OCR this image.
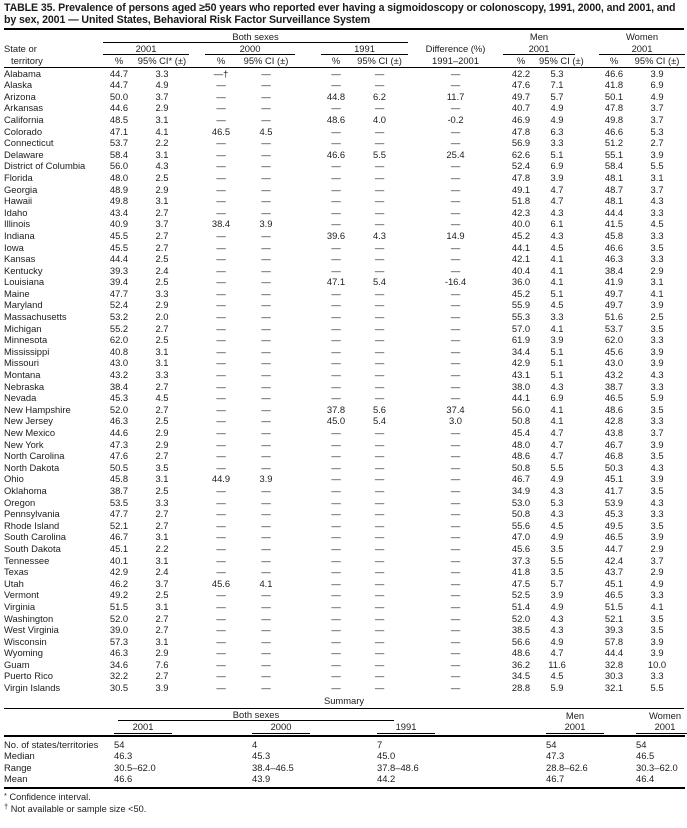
TABLE 35. Prevalence of persons aged ≥50 years who reported ever having a sigmoidoscopy or colonoscopy, 1991, 2000, and 2001, and by sex, 2001 — United States, Behavioral Risk Factor Surveillance System
	Both sexes									Men			Women	
State or	2001			2000			1991		Difference (%)	2001			2001	
territory	%	95% CI* (±)		%	95% CI (±)		%	95% CI (±)	1991–2001	%	95% CI (±)		%	95% CI (±)
Alabama	44.7	3.3		—†	—		—	—	—	42.2	5.3		46.6	3.9
Alaska	44.7	4.9		—	—		—	—	—	47.6	7.1		41.8	6.9
Arizona	50.0	3.7		—	—		44.8	6.2	11.7	49.7	5.7		50.1	4.9
Arkansas	44.6	2.9		—	—		—	—	—	40.7	4.9		47.8	3.7
California	48.5	3.1		—	—		48.6	4.0	-0.2	46.9	4.9		49.8	3.7
Colorado	47.1	4.1		46.5	4.5		—	—	—	47.8	6.3		46.6	5.3
Connecticut	53.7	2.2		—	—		—	—	—	56.9	3.3		51.2	2.7
Delaware	58.4	3.1		—	—		46.6	5.5	25.4	62.6	5.1		55.1	3.9
District of Columbia	56.0	4.3		—	—		—	—	—	52.4	6.9		58.4	5.5
Florida	48.0	2.5		—	—		—	—	—	47.8	3.9		48.1	3.1
Georgia	48.9	2.9		—	—		—	—	—	49.1	4.7		48.7	3.7
Hawaii	49.8	3.1		—	—		—	—	—	51.8	4.7		48.1	4.3
Idaho	43.4	2.7		—	—		—	—	—	42.3	4.3		44.4	3.3
Illinois	40.9	3.7		38.4	3.9		—	—	—	40.0	6.1		41.5	4.5
Indiana	45.5	2.7		—	—		39.6	4.3	14.9	45.2	4.3		45.8	3.3
Iowa	45.5	2.7		—	—		—	—	—	44.1	4.5		46.6	3.5
Kansas	44.4	2.5		—	—		—	—	—	42.1	4.1		46.3	3.3
Kentucky	39.3	2.4		—	—		—	—	—	40.4	4.1		38.4	2.9
Louisiana	39.4	2.5		—	—		47.1	5.4	-16.4	36.0	4.1		41.9	3.1
Maine	47.7	3.3		—	—		—	—	—	45.2	5.1		49.7	4.1
Maryland	52.4	2.9		—	—		—	—	—	55.9	4.5		49.7	3.9
Massachusetts	53.2	2.0		—	—		—	—	—	55.3	3.3		51.6	2.5
Michigan	55.2	2.7		—	—		—	—	—	57.0	4.1		53.7	3.5
Minnesota	62.0	2.5		—	—		—	—	—	61.9	3.9		62.0	3.3
Mississippi	40.8	3.1		—	—		—	—	—	34.4	5.1		45.6	3.9
Missouri	43.0	3.1		—	—		—	—	—	42.9	5.1		43.0	3.9
Montana	43.2	3.3		—	—		—	—	—	43.1	5.1		43.2	4.3
Nebraska	38.4	2.7		—	—		—	—	—	38.0	4.3		38.7	3.3
Nevada	45.3	4.5		—	—		—	—	—	44.1	6.9		46.5	5.9
New Hampshire	52.0	2.7		—	—		37.8	5.6	37.4	56.0	4.1		48.6	3.5
New Jersey	46.3	2.5		—	—		45.0	5.4	3.0	50.8	4.1		42.8	3.3
New Mexico	44.6	2.9		—	—		—	—	—	45.4	4.7		43.8	3.7
New York	47.3	2.9		—	—		—	—	—	48.0	4.7		46.7	3.9
North Carolina	47.6	2.7		—	—		—	—	—	48.6	4.7		46.8	3.5
North Dakota	50.5	3.5		—	—		—	—	—	50.8	5.5		50.3	4.3
Ohio	45.8	3.1		44.9	3.9		—	—	—	46.7	4.9		45.1	3.9
Oklahoma	38.7	2.5		—	—		—	—	—	34.9	4.3		41.7	3.5
Oregon	53.5	3.3		—	—		—	—	—	53.0	5.3		53.9	4.3
Pennsylvania	47.7	2.7		—	—		—	—	—	50.8	4.3		45.3	3.3
Rhode Island	52.1	2.7		—	—		—	—	—	55.6	4.5		49.5	3.5
South Carolina	46.7	3.1		—	—		—	—	—	47.0	4.9		46.5	3.9
South Dakota	45.1	2.2		—	—		—	—	—	45.6	3.5		44.7	2.9
Tennessee	40.1	3.1		—	—		—	—	—	37.3	5.5		42.4	3.7
Texas	42.9	2.4		—	—		—	—	—	41.8	3.5		43.7	2.9
Utah	46.2	3.7		45.6	4.1		—	—	—	47.5	5.7		45.1	4.9
Vermont	49.2	2.5		—	—		—	—	—	52.5	3.9		46.5	3.3
Virginia	51.5	3.1		—	—		—	—	—	51.4	4.9		51.5	4.1
Washington	52.0	2.7		—	—		—	—	—	52.0	4.3		52.1	3.5
West Virginia	39.0	2.7		—	—		—	—	—	38.5	4.3		39.3	3.5
Wisconsin	57.3	3.1		—	—		—	—	—	56.6	4.9		57.8	3.9
Wyoming	46.3	2.9		—	—		—	—	—	48.6	4.7		44.4	3.9
Guam	34.6	7.6		—	—		—	—	—	36.2	11.6		32.8	10.0
Puerto Rico	32.2	2.7		—	—		—	—	—	34.5	4.5		30.3	3.3
Virgin Islands	30.5	3.9		—	—		—	—	—	28.8	5.9		32.1	5.5
Summary

	Both sexes			Men	Women
	2001	2000	1991	2001	2001
No. of states/territories	54	4	7	54	54
Median	46.3	45.3	45.0	47.3	46.5
Range	30.5–62.0	38.4–46.5	37.8–48.6	28.8–62.6	30.3–62.0
Mean	46.6	43.9	44.2	46.7	46.4
* Confidence interval.
† Not available or sample size <50.
